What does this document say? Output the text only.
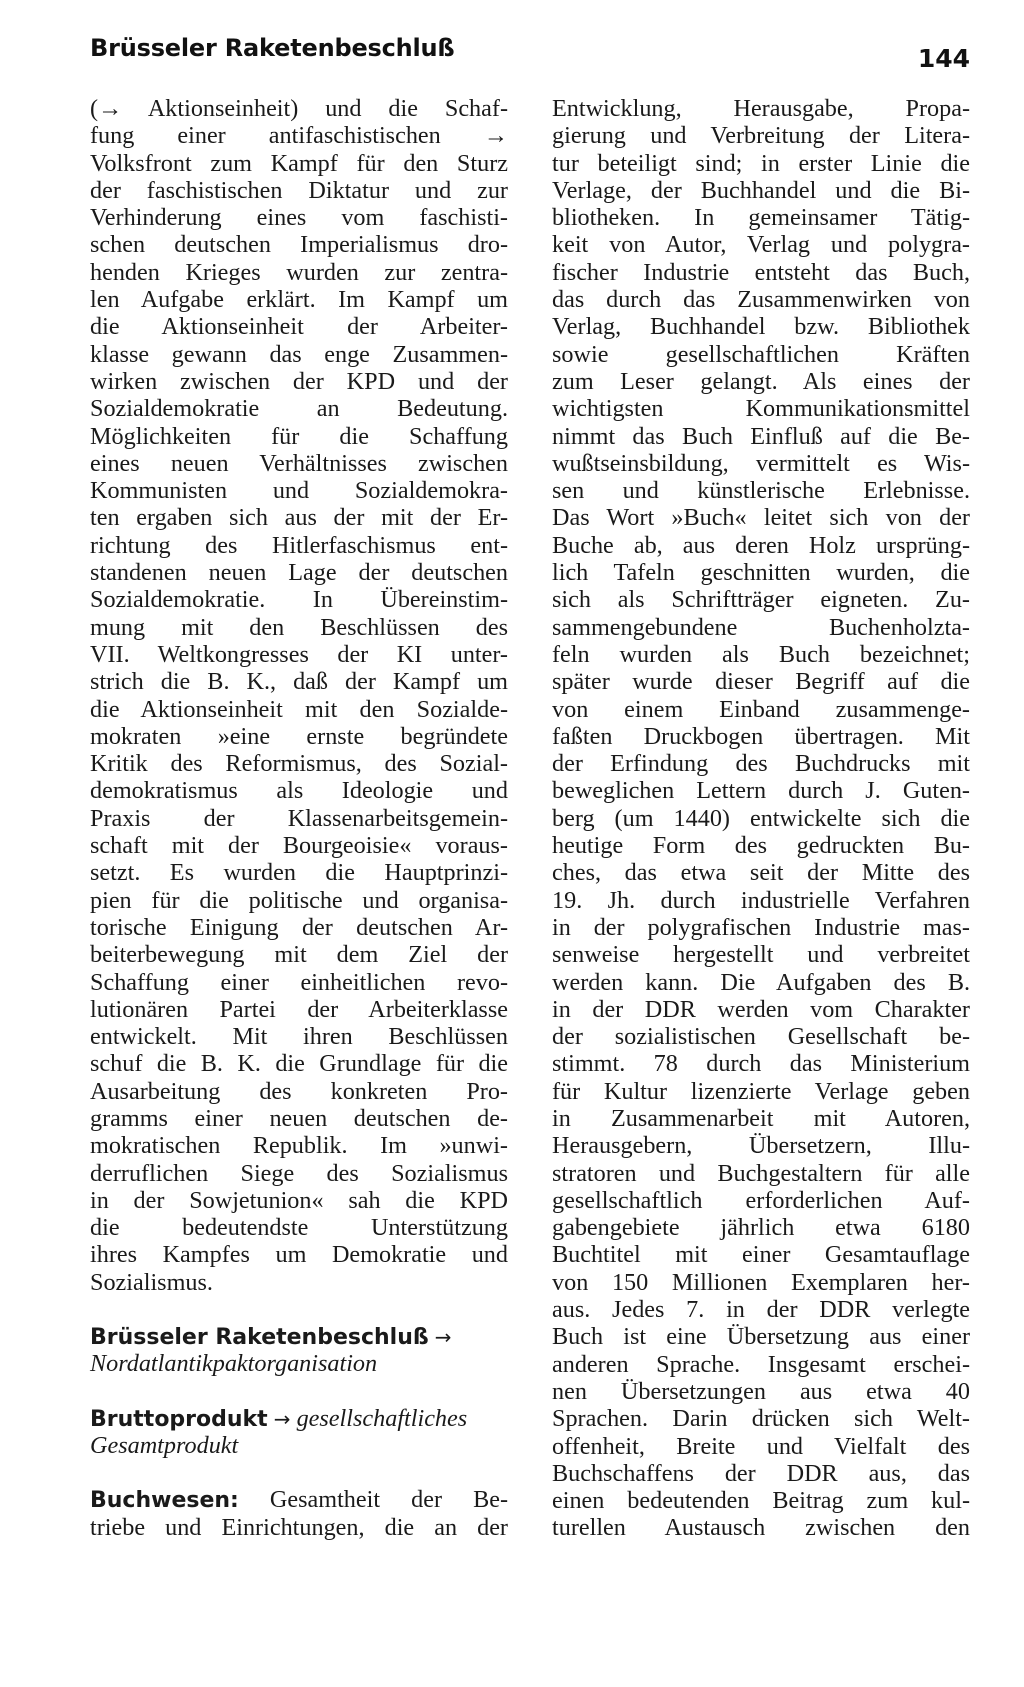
Brüsseler Raketenbeschluß	144
(→ Aktionseinheit) und die Schaf-
fung einer antifaschistischen →
Volksfront zum Kampf für den Sturz
der faschistischen Diktatur und zur
Verhinderung eines vom faschisti-
schen deutschen Imperialismus dro-
henden Krieges wurden zur zentra-
len Aufgabe erklärt. Im Kampf um
die Aktionseinheit der Arbeiter-
klasse gewann das enge Zusammen-
wirken zwischen der KPD und der
Sozialdemokratie an Bedeutung.
Möglichkeiten für die Schaffung
eines neuen Verhältnisses zwischen
Kommunisten und Sozialdemokra-
ten ergaben sich aus der mit der Er-
richtung des Hitlerfaschismus ent-
standenen neuen Lage der deutschen
Sozialdemokratie. In Übereinstim-
mung mit den Beschlüssen des
VII. Weltkongresses der KI unter-
strich die B. K., daß der Kampf um
die Aktionseinheit mit den Sozialde-
mokraten »eine ernste begründete
Kritik des Reformismus, des Sozial-
demokratismus als Ideologie und
Praxis der Klassenarbeitsgemein-
schaft mit der Bourgeoisie« voraus-
setzt. Es wurden die Hauptprinzi-
pien für die politische und organisa-
torische Einigung der deutschen Ar-
beiterbewegung mit dem Ziel der
Schaffung einer einheitlichen revo-
lutionären Partei der Arbeiterklasse
entwickelt. Mit ihren Beschlüssen
schuf die B. K. die Grundlage für die
Ausarbeitung des konkreten Pro-
gramms einer neuen deutschen de-
mokratischen Republik. Im »unwi-
derruflichen Siege des Sozialismus
in der Sowjetunion« sah die KPD
die bedeutendste Unterstützung
ihres Kampfes um Demokratie und
Sozialismus.
Brüsseler Raketenbeschluß →
Nordatlantikpaktorganisation
Bruttoprodukt → gesellschaftliches
Gesamtprodukt
Buchwesen: Gesamtheit der Be-
triebe und Einrichtungen, die an der
Entwicklung, Herausgabe, Propa-
gierung und Verbreitung der Litera-
tur beteiligt sind; in erster Linie die
Verlage, der Buchhandel und die Bi-
bliotheken. In gemeinsamer Tätig-
keit von Autor, Verlag und polygra-
fischer Industrie entsteht das Buch,
das durch das Zusammenwirken von
Verlag, Buchhandel bzw. Bibliothek
sowie gesellschaftlichen Kräften
zum Leser gelangt. Als eines der
wichtigsten Kommunikationsmittel
nimmt das Buch Einfluß auf die Be-
wußtseinsbildung, vermittelt es Wis-
sen und künstlerische Erlebnisse.
Das Wort »Buch« leitet sich von der
Buche ab, aus deren Holz ursprüng-
lich Tafeln geschnitten wurden, die
sich als Schriftträger eigneten. Zu-
sammengebundene Buchenholzta-
feln wurden als Buch bezeichnet;
später wurde dieser Begriff auf die
von einem Einband zusammenge-
faßten Druckbogen übertragen. Mit
der Erfindung des Buchdrucks mit
beweglichen Lettern durch J. Guten-
berg (um 1440) entwickelte sich die
heutige Form des gedruckten Bu-
ches, das etwa seit der Mitte des
19. Jh. durch industrielle Verfahren
in der polygrafischen Industrie mas-
senweise hergestellt und verbreitet
werden kann. Die Aufgaben des B.
in der DDR werden vom Charakter
der sozialistischen Gesellschaft be-
stimmt. 78 durch das Ministerium
für Kultur lizenzierte Verlage geben
in Zusammenarbeit mit Autoren,
Herausgebern, Übersetzern, Illu-
stratoren und Buchgestaltern für alle
gesellschaftlich erforderlichen Auf-
gabengebiete jährlich etwa 6180
Buchtitel mit einer Gesamtauflage
von 150 Millionen Exemplaren her-
aus. Jedes 7. in der DDR verlegte
Buch ist eine Übersetzung aus einer
anderen Sprache. Insgesamt erschei-
nen Übersetzungen aus etwa 40
Sprachen. Darin drücken sich Welt-
offenheit, Breite und Vielfalt des
Buchschaffens der DDR aus, das
einen bedeutenden Beitrag zum kul-
turellen Austausch zwischen den
